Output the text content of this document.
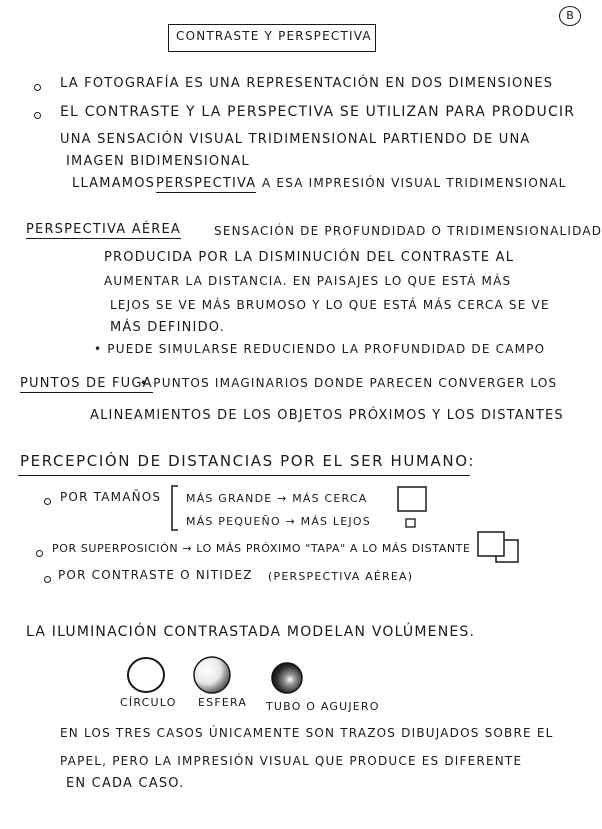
B
CONTRASTE Y PERSPECTIVA
LA FOTOGRAFÍA ES UNA REPRESENTACIÓN EN DOS DIMENSIONES
EL CONTRASTE Y LA PERSPECTIVA SE UTILIZAN PARA PRODUCIR
UNA SENSACIÓN VISUAL TRIDIMENSIONAL PARTIENDO DE UNA
IMAGEN BIDIMENSIONAL
LLAMAMOS PERSPECTIVA A ESA IMPRESIÓN VISUAL TRIDIMENSIONAL
PERSPECTIVA AÉREA	SENSACIÓN DE PROFUNDIDAD O TRIDIMENSIONALIDAD
PRODUCIDA POR LA DISMINUCIÓN DEL CONTRASTE AL
AUMENTAR LA DISTANCIA. EN PAISAJES LO QUE ESTÁ MÁS
LEJOS SE VE MÁS BRUMOSO Y LO QUE ESTÁ MÁS CERCA SE VE
MÁS DEFINIDO.
• PUEDE SIMULARSE REDUCIENDO LA PROFUNDIDAD DE CAMPO
PUNTOS DE FUGA
• PUNTOS IMAGINARIOS DONDE PARECEN CONVERGER LOS
ALINEAMIENTOS DE LOS OBJETOS PRÓXIMOS Y LOS DISTANTES
PERCEPCIÓN DE DISTANCIAS POR EL SER HUMANO:
POR TAMAÑOS MÁS GRANDE → MÁS CERCA
MÁS PEQUEÑO → MÁS LEJOS
POR SUPERPOSICIÓN → LO MÁS PRÓXIMO "TAPA" A LO MÁS DISTANTE
POR CONTRASTE O NITIDEZ (PERSPECTIVA AÉREA)
LA ILUMINACIÓN CONTRASTADA MODELAN VOLÚMENES.
CÍRCULO ESFERA TUBO O AGUJERO
EN LOS TRES CASOS ÚNICAMENTE SON TRAZOS DIBUJADOS SOBRE EL
PAPEL, PERO LA IMPRESIÓN VISUAL QUE PRODUCE ES DIFERENTE
EN CADA CASO.
